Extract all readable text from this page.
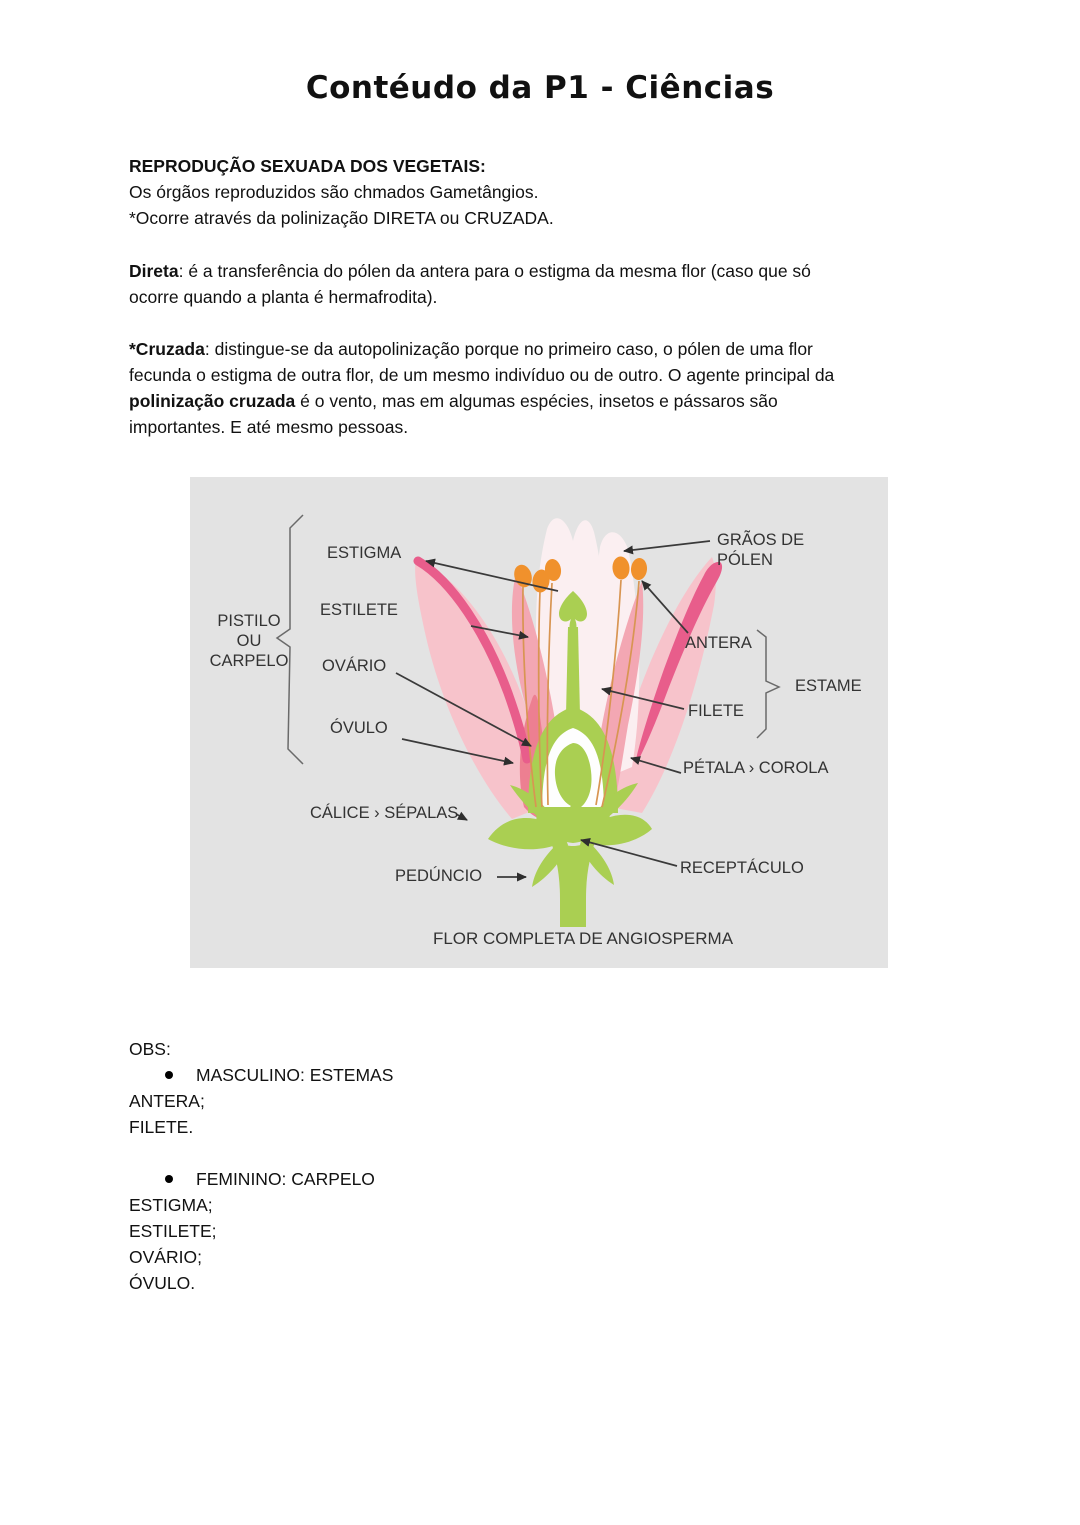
Contéudo da P1 - Ciências
REPRODUÇÃO SEXUADA DOS VEGETAIS:
Os órgãos reproduzidos são chmados Gametângios.
*Ocorre através da polinização DIRETA ou CRUZADA.
Direta: é a transferência do pólen da antera para o estigma da mesma flor (caso que só
ocorre quando a planta é hermafrodita).
*Cruzada: distingue-se da autopolinização porque no primeiro caso, o pólen de uma flor
fecunda o estigma de outra flor, de um mesmo indivíduo ou de outro. O agente principal da
polinização cruzada é o vento, mas em algumas espécies, insetos e pássaros são
importantes. E até mesmo pessoas.
ESTIGMA
ESTILETE
PISTILO
OU
CARPELO	OVÁRIO
ÓVULO
CÁLICE › SÉPALAS
PEDÚNCIO
GRÃOS DE
PÓLEN
ANTERA
ESTAME
FILETE
PÉTALA › COROLA
RECEPTÁCULO
FLOR COMPLETA DE ANGIOSPERMA
OBS:
MASCULINO: ESTEMAS
ANTERA;
FILETE.
FEMININO: CARPELO
ESTIGMA;
ESTILETE;
OVÁRIO;
ÓVULO.
